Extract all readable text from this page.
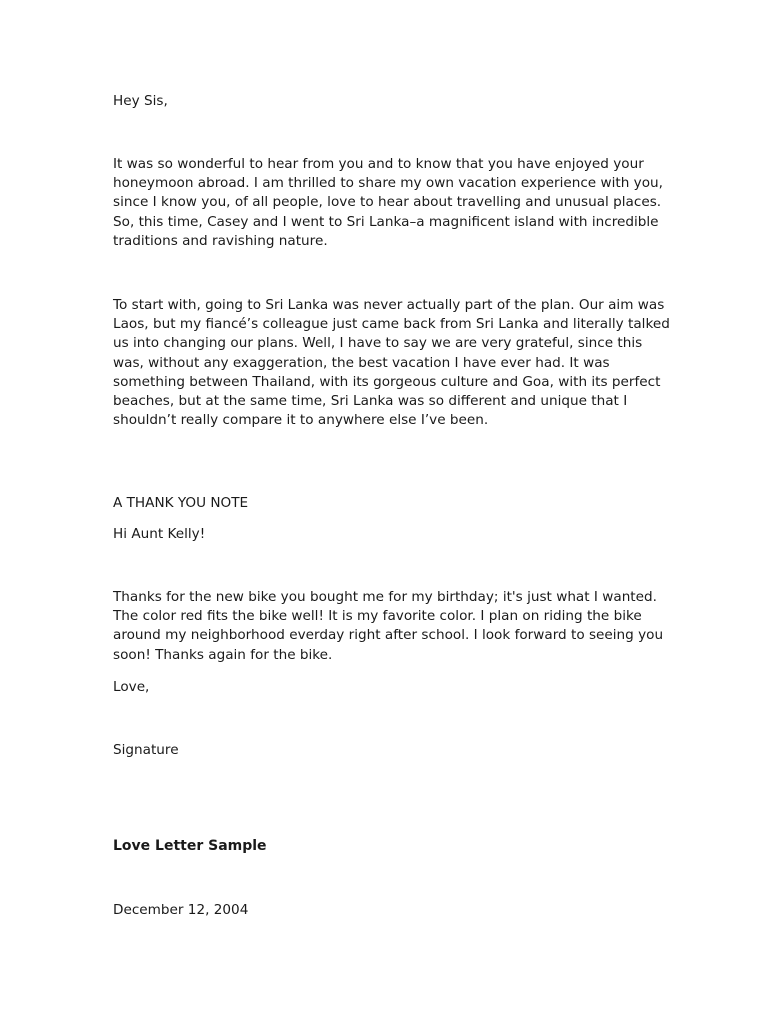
Hey Sis,
It was so wonderful to hear from you and to know that you have enjoyed your honeymoon abroad. I am thrilled to share my own vacation experience with you, since I know you, of all people, love to hear about travelling and unusual places. So, this time, Casey and I went to Sri Lanka–a magnificent island with incredible traditions and ravishing nature.
To start with, going to Sri Lanka was never actually part of the plan. Our aim was Laos, but my fiancé’s colleague just came back from Sri Lanka and literally talked us into changing our plans. Well, I have to say we are very grateful, since this was, without any exaggeration, the best vacation I have ever had. It was something between Thailand, with its gorgeous culture and Goa, with its perfect beaches, but at the same time, Sri Lanka was so different and unique that I shouldn’t really compare it to anywhere else I’ve been.
A THANK YOU NOTE
Hi Aunt Kelly!
Thanks for the new bike you bought me for my birthday; it's just what I wanted. The color red fits the bike well! It is my favorite color. I plan on riding the bike around my neighborhood everday right after school. I look forward to seeing you soon! Thanks again for the bike.
Love,
Signature
Love Letter Sample
December 12, 2004
